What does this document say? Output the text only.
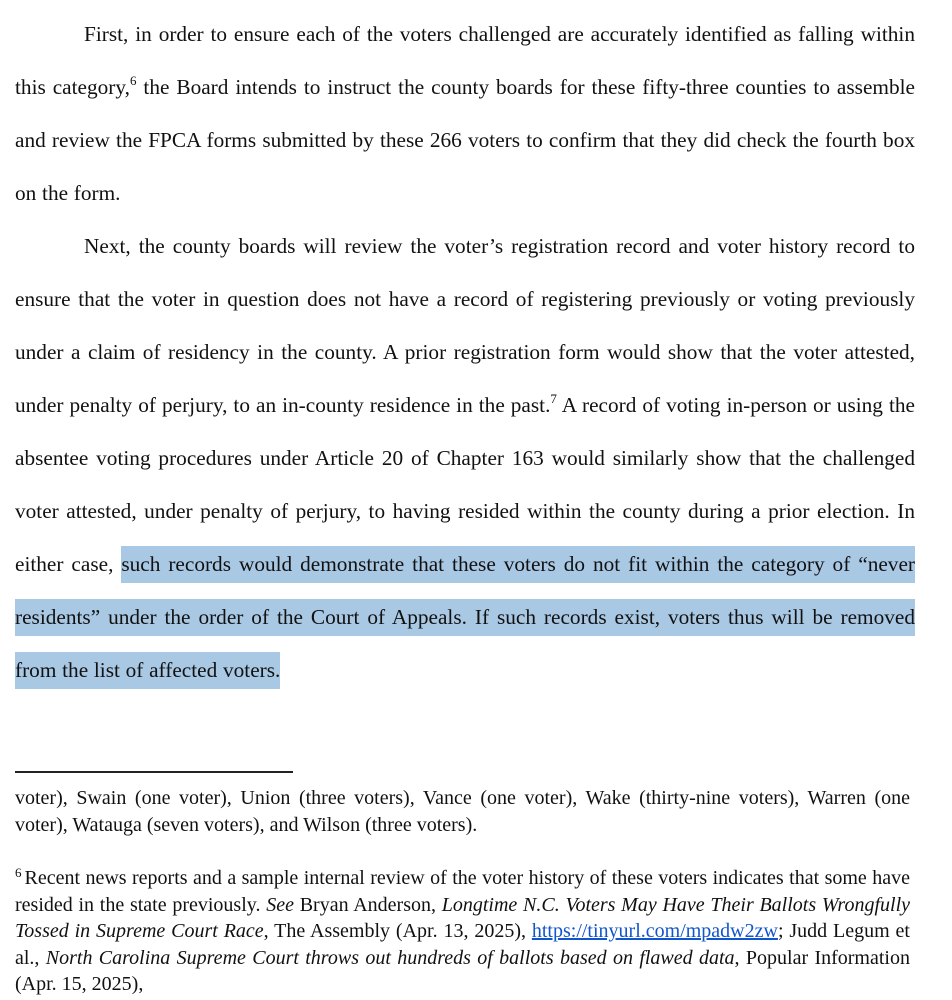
First, in order to ensure each of the voters challenged are accurately identified as falling within this category,$^6$ the Board intends to instruct the county boards for these fifty-three counties to assemble and review the FPCA forms submitted by these 266 voters to confirm that they did check the fourth box on the form.

Next, the county boards will review the voter’s registration record and voter history record to ensure that the voter in question does not have a record of registering previously or voting previously under a claim of residency in the county. A prior registration form would show that the voter attested, under penalty of perjury, to an in-county residence in the past.$^7$ A record of voting in-person or using the absentee voting procedures under Article 20 of Chapter 163 would similarly show that the challenged voter attested, under penalty of perjury, to having resided within the county during a prior election. In either case, such records would demonstrate that these voters do not fit within the category of “never residents” under the order of the Court of Appeals. If such records exist, voters thus will be removed from the list of affected voters.

voter), Swain (one voter), Union (three voters), Vance (one voter), Wake (thirty-nine voters), Warren (one voter), Watauga (seven voters), and Wilson (three voters).

$^6$ Recent news reports and a sample internal review of the voter history of these voters indicates that some have resided in the state previously. See Bryan Anderson, Longtime N.C. Voters May Have Their Ballots Wrongfully Tossed in Supreme Court Race, The Assembly (Apr. 13, 2025), https://tinyurl.com/mpadw2zw; Judd Legum et al., North Carolina Supreme Court throws out hundreds of ballots based on flawed data, Popular Information (Apr. 15, 2025),
